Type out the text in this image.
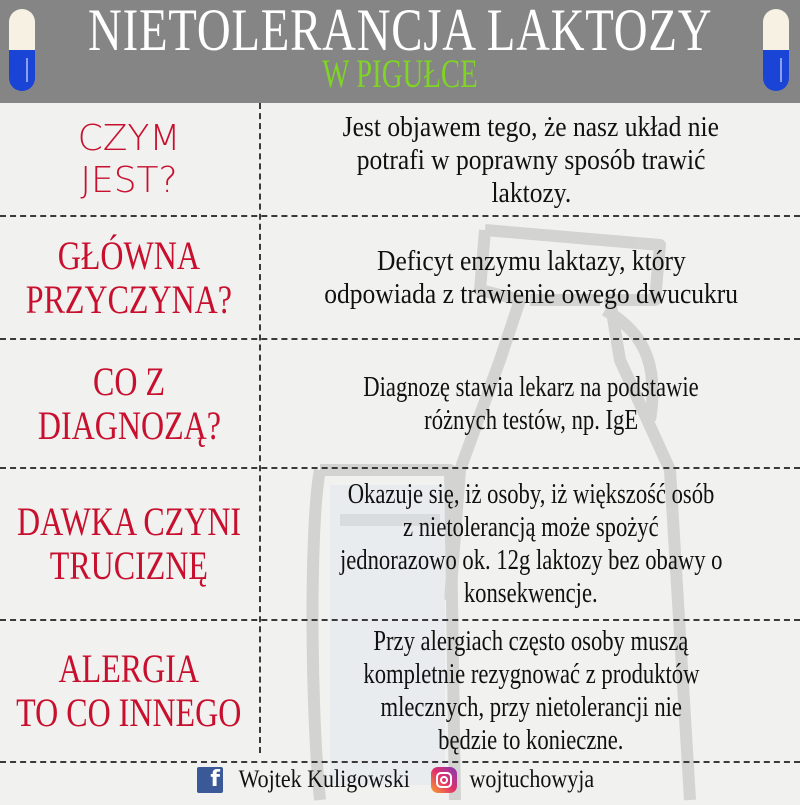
NIETOLERANCJA LAKTOZY
W PIGUŁCE
CZYM
JEST?
Jest objawem tego, że nasz układ nie
potrafi w poprawny sposób trawić
laktozy.
GŁÓWNA
PRZYCZYNA?
Deficyt enzymu laktazy, który
odpowiada z trawienie owego dwucukru
CO Z
DIAGNOZĄ?
Diagnozę stawia lekarz na podstawie
różnych testów, np. IgE
DAWKA CZYNI
TRUCIZNĘ
Okazuje się, iż osoby, iż większość osób
z nietolerancją może spożyć
jednorazowo ok. 12g laktozy bez obawy o
konsekwencje.
ALERGIA
TO CO INNEGO
Przy alergiach często osoby muszą
kompletnie rezygnować z produktów
mlecznych, przy nietolerancji nie
będzie to konieczne.
f Wojtek Kuligowski wojtuchowyja
